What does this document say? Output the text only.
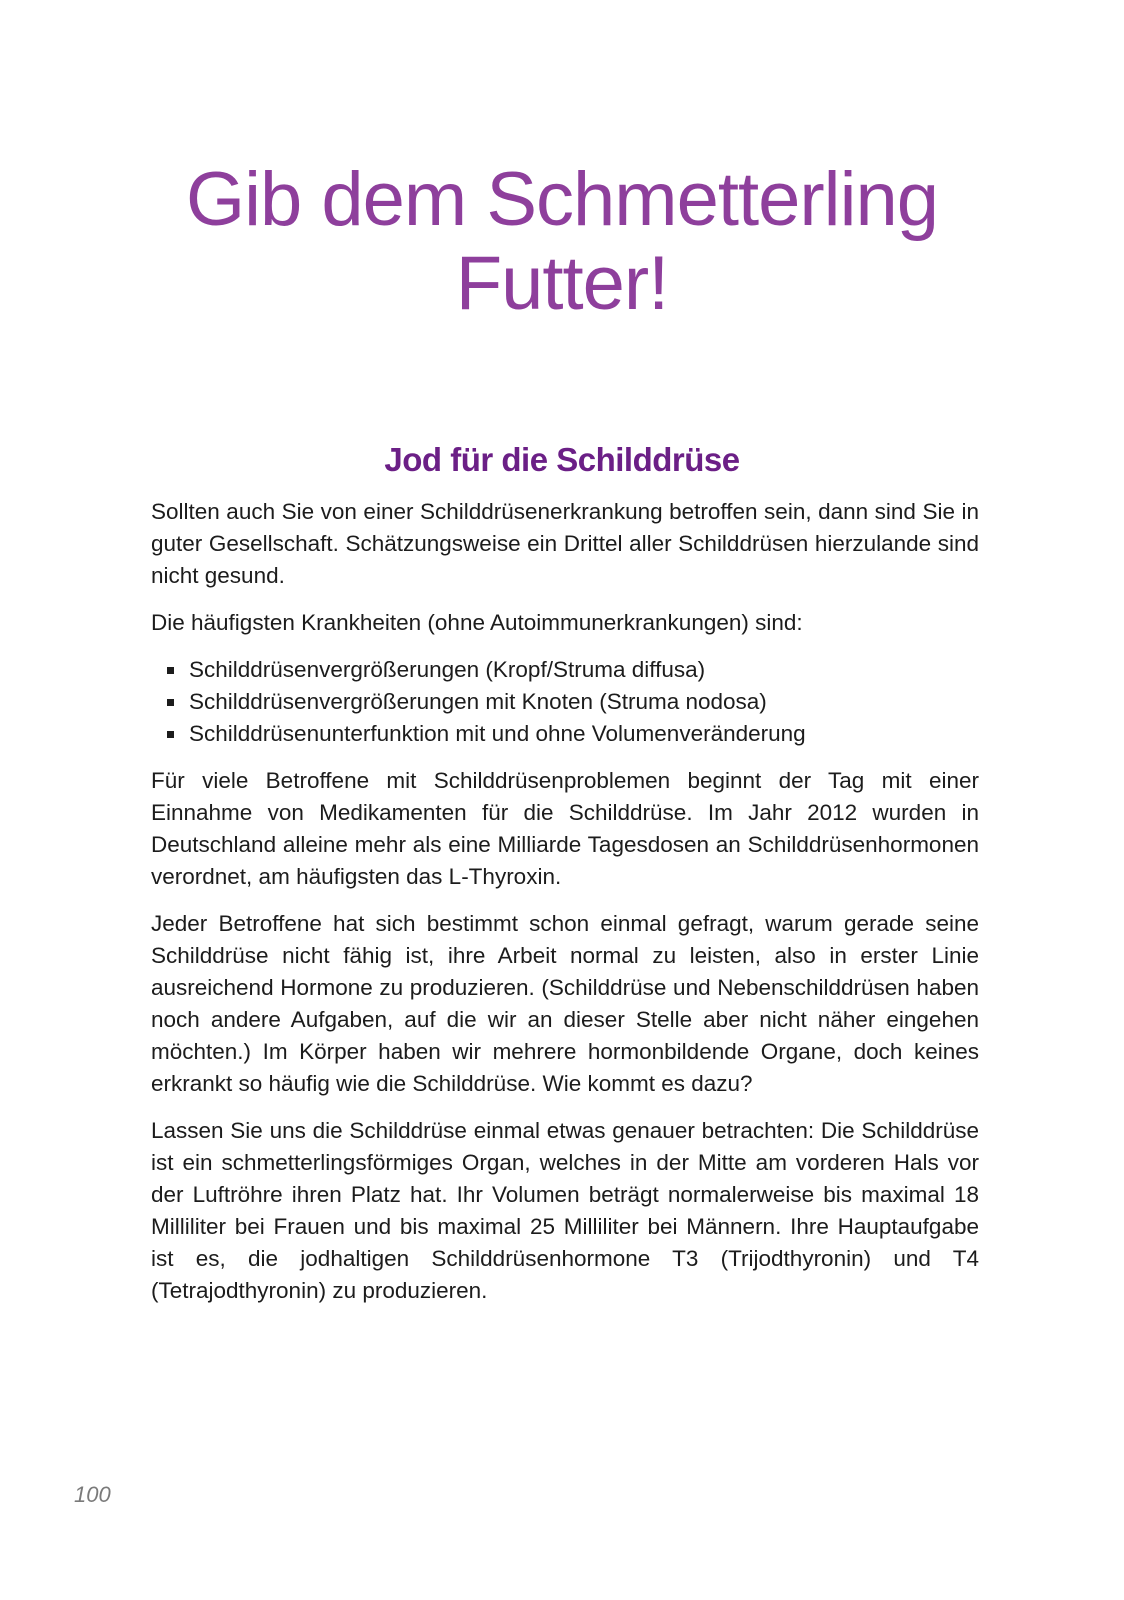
Gib dem Schmetterling
Futter!
Jod für die Schilddrüse

Sollten auch Sie von einer Schilddrüsenerkrankung betroffen sein, dann sind Sie in guter Gesellschaft. Schätzungsweise ein Drittel aller Schilddrüsen hierzulande sind nicht gesund.

Die häufigsten Krankheiten (ohne Autoimmunerkrankungen) sind:

Schilddrüsenvergrößerungen (Kropf/Struma diffusa)
Schilddrüsenvergrößerungen mit Knoten (Struma nodosa)
Schilddrüsenunterfunktion mit und ohne Volumenveränderung

Für viele Betroffene mit Schilddrüsenproblemen beginnt der Tag mit einer Einnahme von Medikamenten für die Schilddrüse. Im Jahr 2012 wurden in Deutschland alleine mehr als eine Milliarde Tagesdosen an Schilddrüsenhormonen verordnet, am häufigsten das L-Thyroxin.

Jeder Betroffene hat sich bestimmt schon einmal gefragt, warum gerade seine Schilddrüse nicht fähig ist, ihre Arbeit normal zu leisten, also in erster Linie ausreichend Hormone zu produzieren. (Schilddrüse und Nebenschilddrüsen haben noch andere Aufgaben, auf die wir an dieser Stelle aber nicht näher eingehen möchten.) Im Körper haben wir mehrere hormonbildende Organe, doch keines erkrankt so häufig wie die Schilddrüse. Wie kommt es dazu?

Lassen Sie uns die Schilddrüse einmal etwas genauer betrachten: Die Schilddrüse ist ein schmetterlingsförmiges Organ, welches in der Mitte am vorderen Hals vor der Luftröhre ihren Platz hat. Ihr Volumen beträgt normalerweise bis maximal 18 Milliliter bei Frauen und bis maximal 25 Milliliter bei Männern. Ihre Hauptaufgabe ist es, die jodhaltigen Schilddrüsenhormone T3 (Trijodthyronin) und T4 (Tetrajodthyronin) zu produzieren.

100
